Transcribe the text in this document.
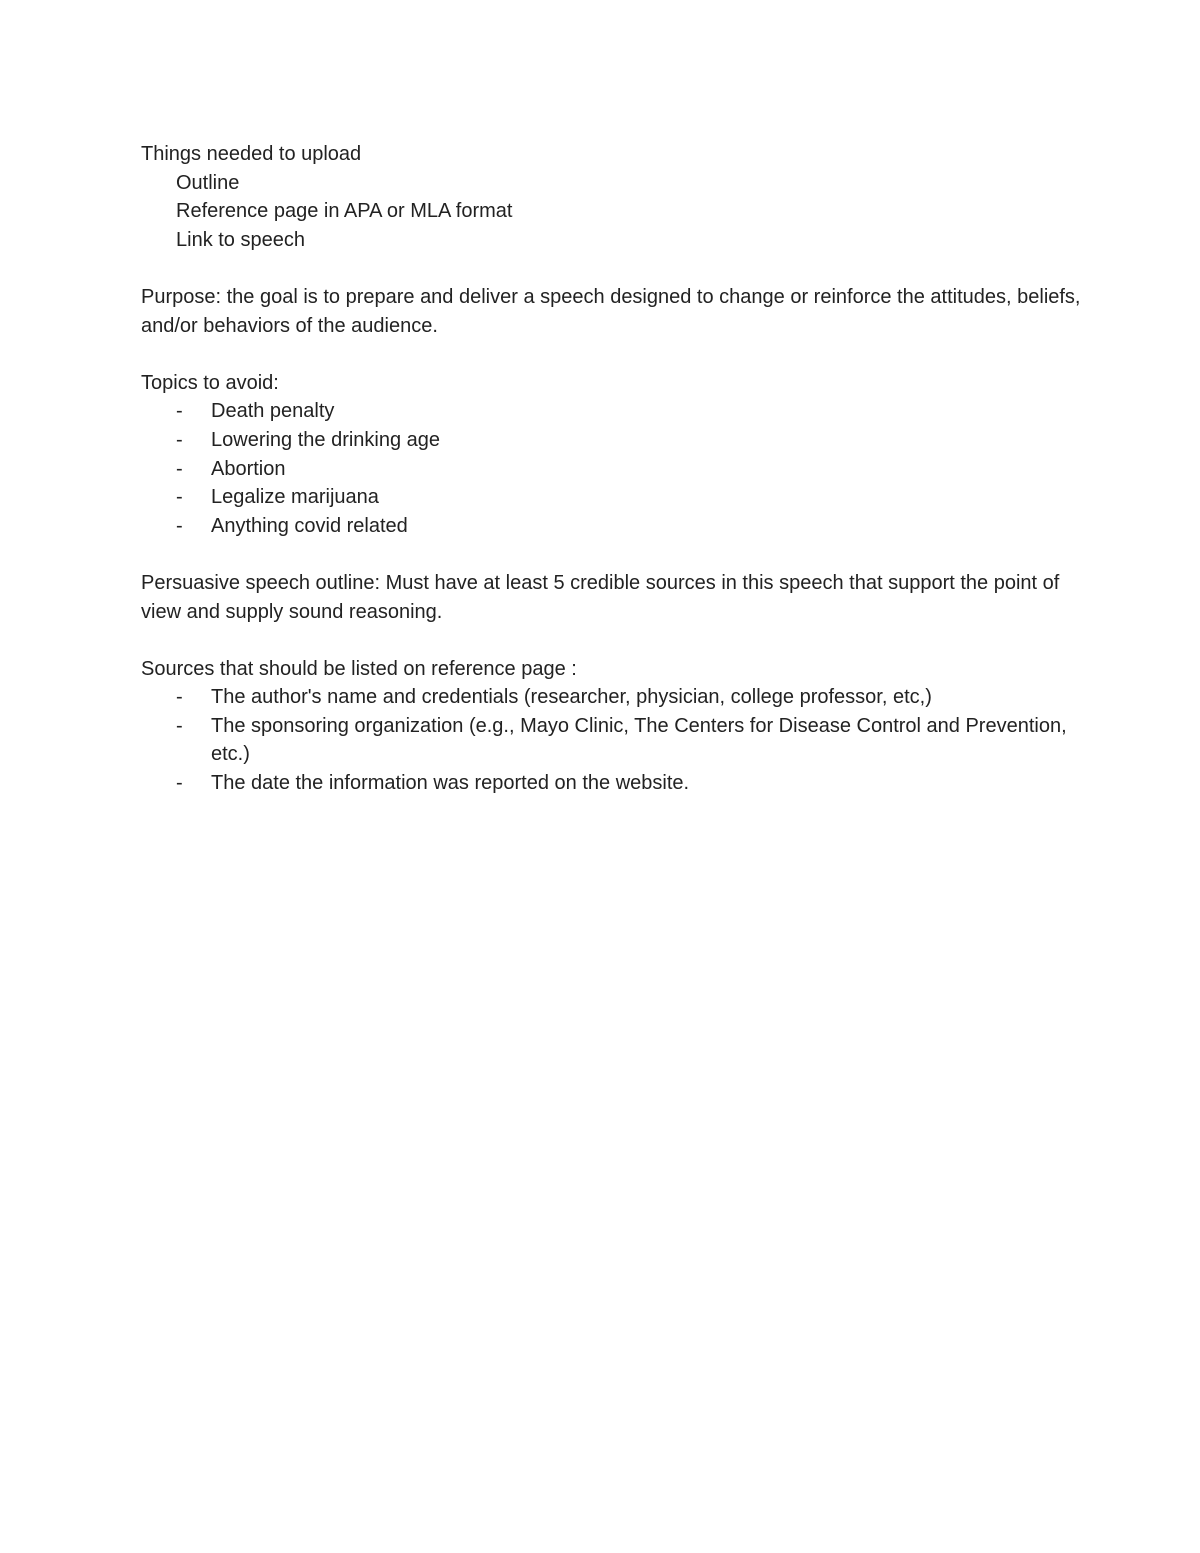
Things needed to upload

Outline

Reference page in APA or MLA format

Link to speech

Purpose: the goal is to prepare and deliver a speech designed to change or reinforce the attitudes, beliefs, and/or behaviors of the audience.

Topics to avoid:

- Death penalty
- Lowering the drinking age
- Abortion
- Legalize marijuana
- Anything covid related

Persuasive speech outline: Must have at least 5 credible sources in this speech that support the point of view and supply sound reasoning.

Sources that should be listed on reference page :

- The author's name and credentials (researcher, physician, college professor, etc,)
- The sponsoring organization (e.g., Mayo Clinic, The Centers for Disease Control and Prevention, etc.)
- The date the information was reported on the website.
